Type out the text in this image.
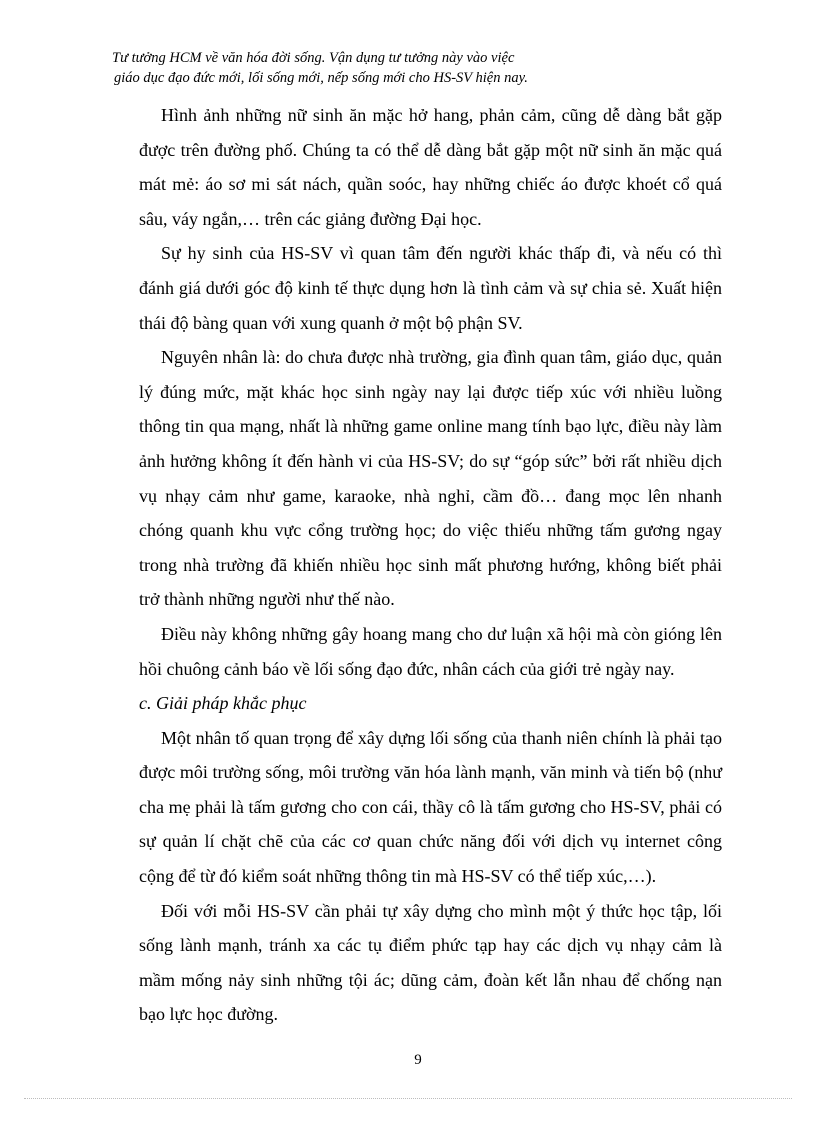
Tư tưởng HCM về văn hóa đời sống. Vận dụng tư tưởng này vào việc
giáo dục đạo đức mới, lối sống mới, nếp sống mới cho HS-SV hiện nay.

Hình ảnh những nữ sinh ăn mặc hở hang, phản cảm, cũng dễ dàng bắt gặp được trên đường phố. Chúng ta có thể dễ dàng bắt gặp một nữ sinh ăn mặc quá mát mẻ: áo sơ mi sát nách, quần soóc, hay những chiếc áo được khoét cổ quá sâu, váy ngắn,… trên các giảng đường Đại học.

Sự hy sinh của HS-SV vì quan tâm đến người khác thấp đi, và nếu có thì đánh giá dưới góc độ kinh tế thực dụng hơn là tình cảm và sự chia sẻ. Xuất hiện thái độ bàng quan với xung quanh ở một bộ phận SV.

Nguyên nhân là: do chưa được nhà trường, gia đình quan tâm, giáo dục, quản lý đúng mức, mặt khác học sinh ngày nay lại được tiếp xúc với nhiều luồng thông tin qua mạng, nhất là những game online mang tính bạo lực, điều này làm ảnh hưởng không ít đến hành vi của HS-SV; do sự “góp sức” bởi rất nhiều dịch vụ nhạy cảm như game, karaoke, nhà nghỉ, cầm đồ… đang mọc lên nhanh chóng quanh khu vực cổng trường học; do việc thiếu những tấm gương ngay trong nhà trường đã khiến nhiều học sinh mất phương hướng, không biết phải trở thành những người như thế nào.

Điều này không những gây hoang mang cho dư luận xã hội mà còn gióng lên hồi chuông cảnh báo về lối sống đạo đức, nhân cách của giới trẻ ngày nay.

c. Giải pháp khắc phục

Một nhân tố quan trọng để xây dựng lối sống của thanh niên chính là phải tạo được môi trường sống, môi trường văn hóa lành mạnh, văn minh và tiến bộ (như cha mẹ phải là tấm gương cho con cái, thầy cô là tấm gương cho HS-SV, phải có sự quản lí chặt chẽ của các cơ quan chức năng đối với dịch vụ internet công cộng để từ đó kiểm soát những thông tin mà HS-SV có thể tiếp xúc,…).

Đối với mỗi HS-SV cần phải tự xây dựng cho mình một ý thức học tập, lối sống lành mạnh, tránh xa các tụ điểm phức tạp hay các dịch vụ nhạy cảm là mầm mống nảy sinh những tội ác; dũng cảm, đoàn kết lẫn nhau để chống nạn bạo lực học đường.

9
